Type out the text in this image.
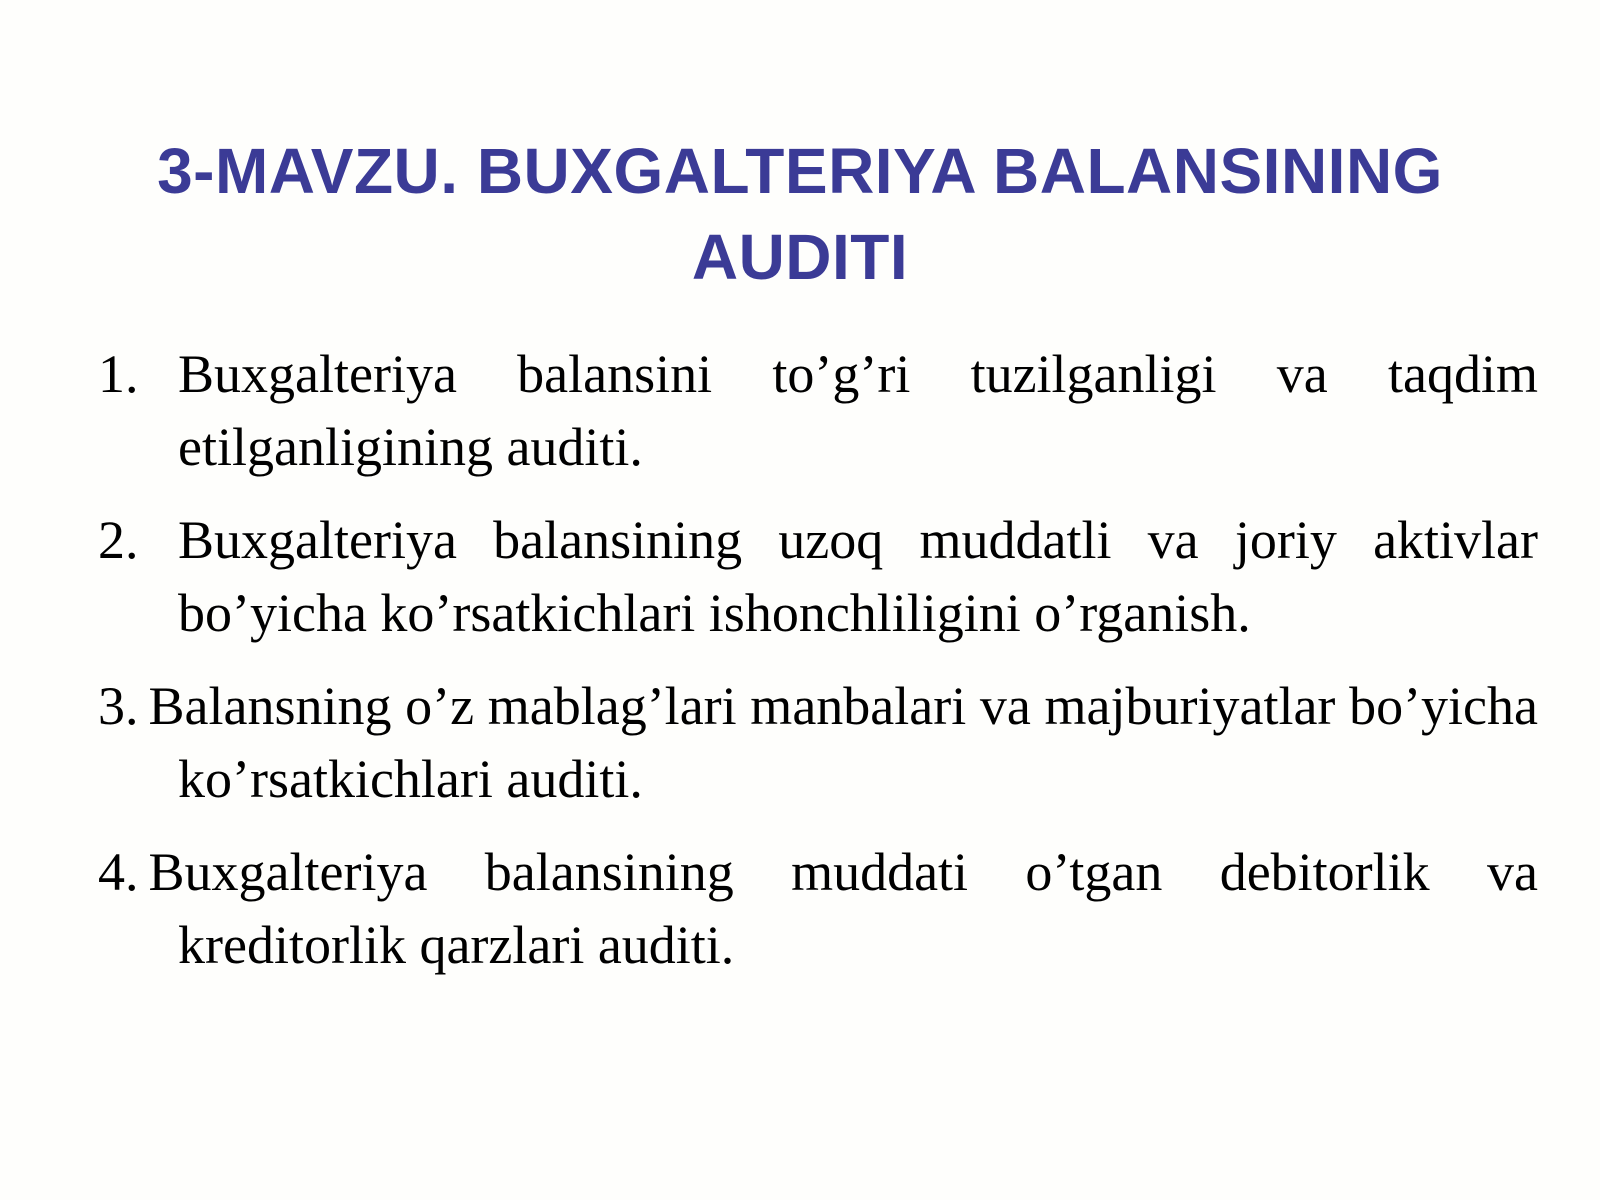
3-MAVZU. BUXGALTERIYA BALANSINING
AUDITI
1. Buxgalteriya balansini to’g’ri tuzilganligi va taqdim etilganligining auditi.
2. Buxgalteriya balansining uzoq muddatli va joriy aktivlar bo’yicha ko’rsatkichlari ishonchliligini o’rganish.
3. Balansning o’z mablag’lari manbalari va majburiyatlar bo’yicha ko’rsatkichlari auditi.
4. Buxgalteriya balansining muddati o’tgan debitorlik va kreditorlik qarzlari auditi.
